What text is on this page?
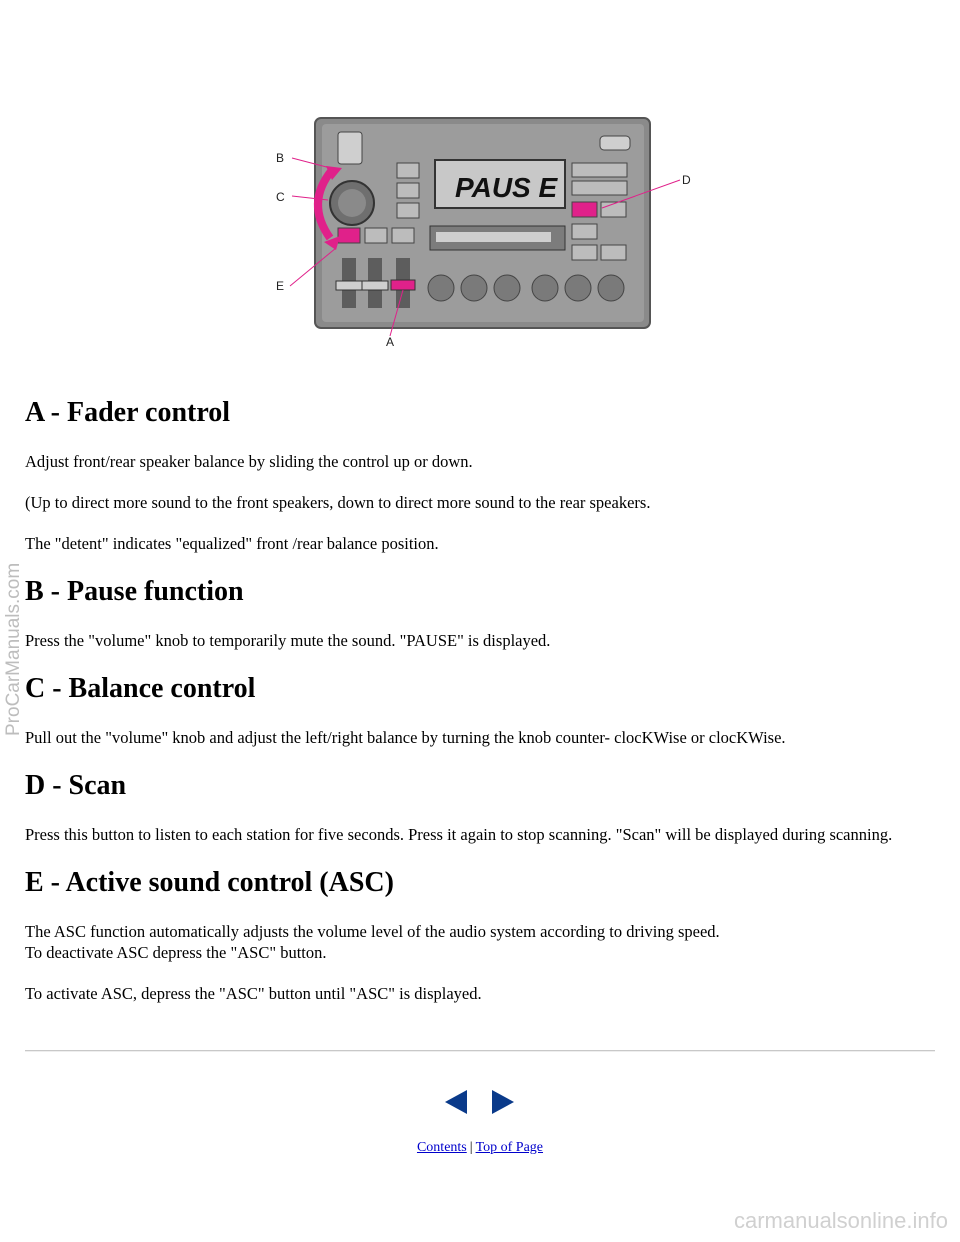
PAUS E
B
C
E
D
A
A - Fader control

Adjust front/rear speaker balance by sliding the control up or down.

(Up to direct more sound to the front speakers, down to direct more sound to the rear speakers.

The "detent" indicates "equalized" front /rear balance position.

B - Pause function

Press the "volume" knob to temporarily mute the sound. "PAUSE" is displayed.

C - Balance control

Pull out the "volume" knob and adjust the left/right balance by turning the knob counter- clocKWise or clocKWise.

D - Scan

Press this button to listen to each station for five seconds. Press it again to stop scanning. "Scan" will be displayed during scanning.

E - Active sound control (ASC)

The ASC function automatically adjusts the volume level of the audio system according to driving speed.

To deactivate ASC depress the "ASC" button.

To activate ASC, depress the "ASC" button until "ASC" is displayed.

Contents | Top of Page
ProCarManuals.com
carmanualsonline.info
